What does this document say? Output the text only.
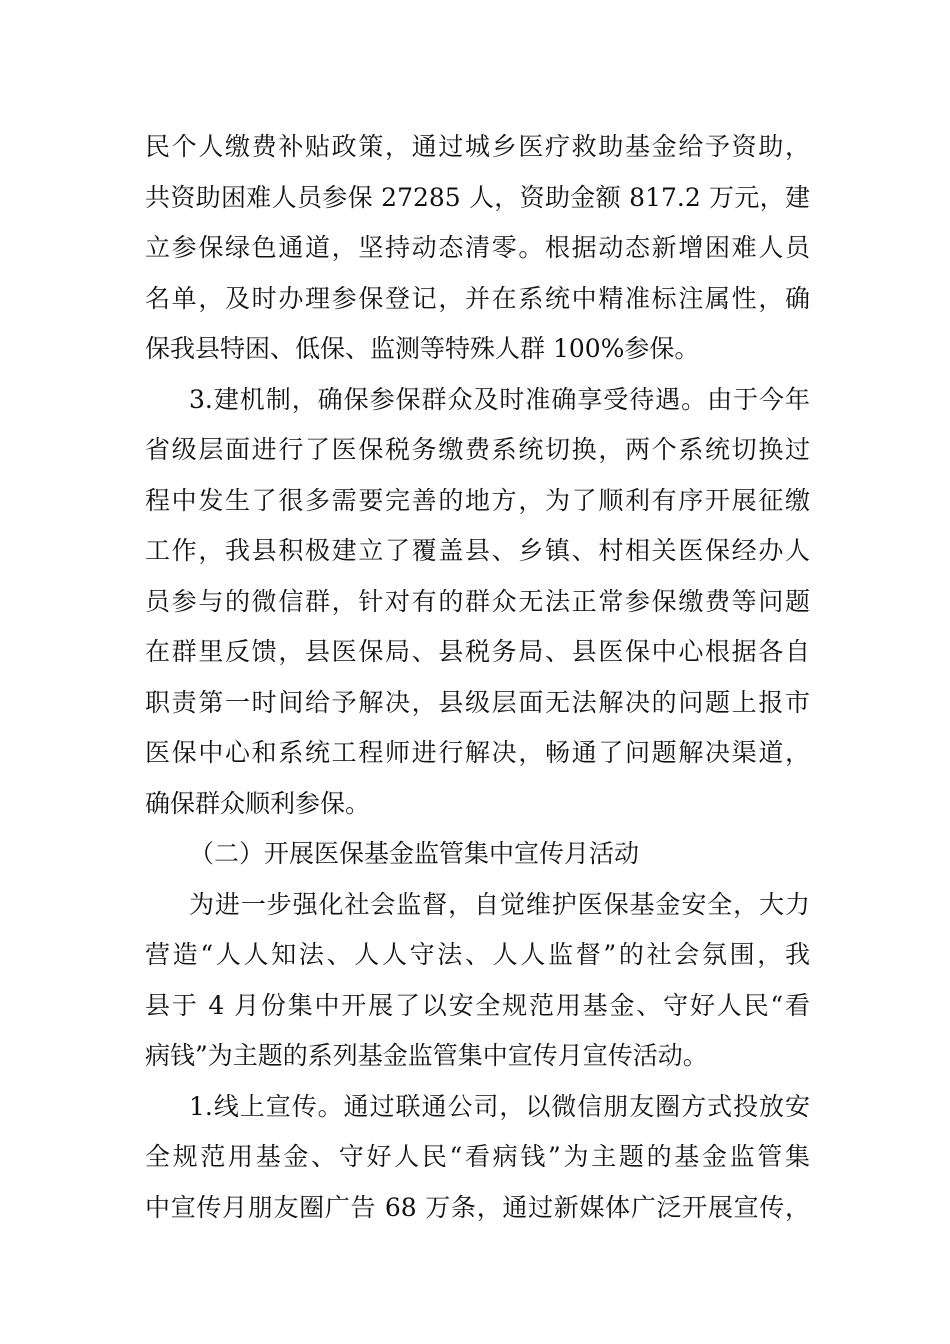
民个人缴费补贴政策，通过城乡医疗救助基金给予资助，
共资助困难人员参保 27285 人，资助金额 817.2 万元，建
立参保绿色通道，坚持动态清零。根据动态新增困难人员
名单，及时办理参保登记，并在系统中精准标注属性，确
保我县特困、低保、监测等特殊人群 100%参保。
3.建机制，确保参保群众及时准确享受待遇。由于今年
省级层面进行了医保税务缴费系统切换，两个系统切换过
程中发生了很多需要完善的地方，为了顺利有序开展征缴
工作，我县积极建立了覆盖县、乡镇、村相关医保经办人
员参与的微信群，针对有的群众无法正常参保缴费等问题
在群里反馈，县医保局、县税务局、县医保中心根据各自
职责第一时间给予解决，县级层面无法解决的问题上报市
医保中心和系统工程师进行解决，畅通了问题解决渠道，
确保群众顺利参保。
（二）开展医保基金监管集中宣传月活动
为进一步强化社会监督，自觉维护医保基金安全，大力
营造“人人知法、人人守法、人人监督”的社会氛围，我
县于 4 月份集中开展了以安全规范用基金、守好人民“看
病钱”为主题的系列基金监管集中宣传月宣传活动。
1.线上宣传。通过联通公司，以微信朋友圈方式投放安
全规范用基金、守好人民“看病钱”为主题的基金监管集
中宣传月朋友圈广告 68 万条，通过新媒体广泛开展宣传，
